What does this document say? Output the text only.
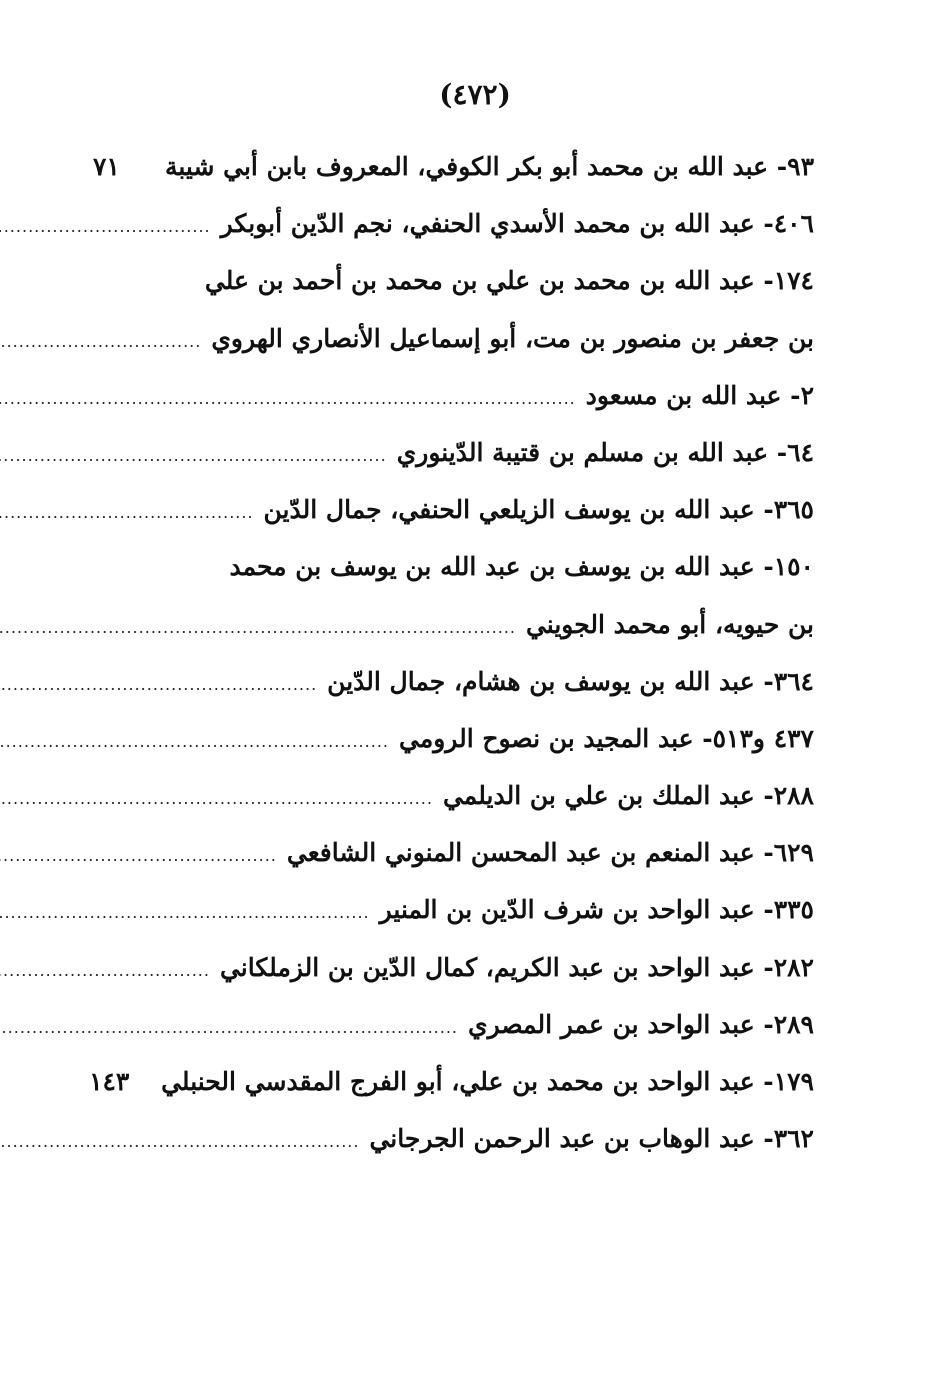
(٤٧٢)
٩٣- عبد الله بن محمد أبو بكر الكوفي، المعروف بابن أبي شيبة
٧١
٤٠٦- عبد الله بن محمد الأسدي الحنفي، نجم الدّين أبوبكر
.....
١٧٤- عبد الله بن محمد بن علي بن محمد بن أحمد بن علي
بن جعفر بن منصور بن مت، أبو إسماعيل الأنصاري الهروي
.....
٢- عبد الله بن مسعود
.....
٦٤- عبد الله بن مسلم بن قتيبة الدّينوري
.....
٣٦٥- عبد الله بن يوسف الزيلعي الحنفي، جمال الدّين
.....
١٥٠- عبد الله بن يوسف بن عبد الله بن يوسف بن محمد
بن حيويه، أبو محمد الجويني
.....
٣٦٤- عبد الله بن يوسف بن هشام، جمال الدّين
.....
٤٣٧ و٥١٣- عبد المجيد بن نصوح الرومي
.....
٢٨٨- عبد الملك بن علي بن الديلمي
.....
٦٢٩- عبد المنعم بن عبد المحسن المنوني الشافعي
.....
٣٣٥- عبد الواحد بن شرف الدّين بن المنير
.....
٢٨٢- عبد الواحد بن عبد الكريم، كمال الدّين بن الزملكاني
.....
٢٨٩- عبد الواحد بن عمر المصري
.....
١٧٩- عبد الواحد بن محمد بن علي، أبو الفرج المقدسي الحنبلي
١٤٣
٣٦٢- عبد الوهاب بن عبد الرحمن الجرجاني
.....
